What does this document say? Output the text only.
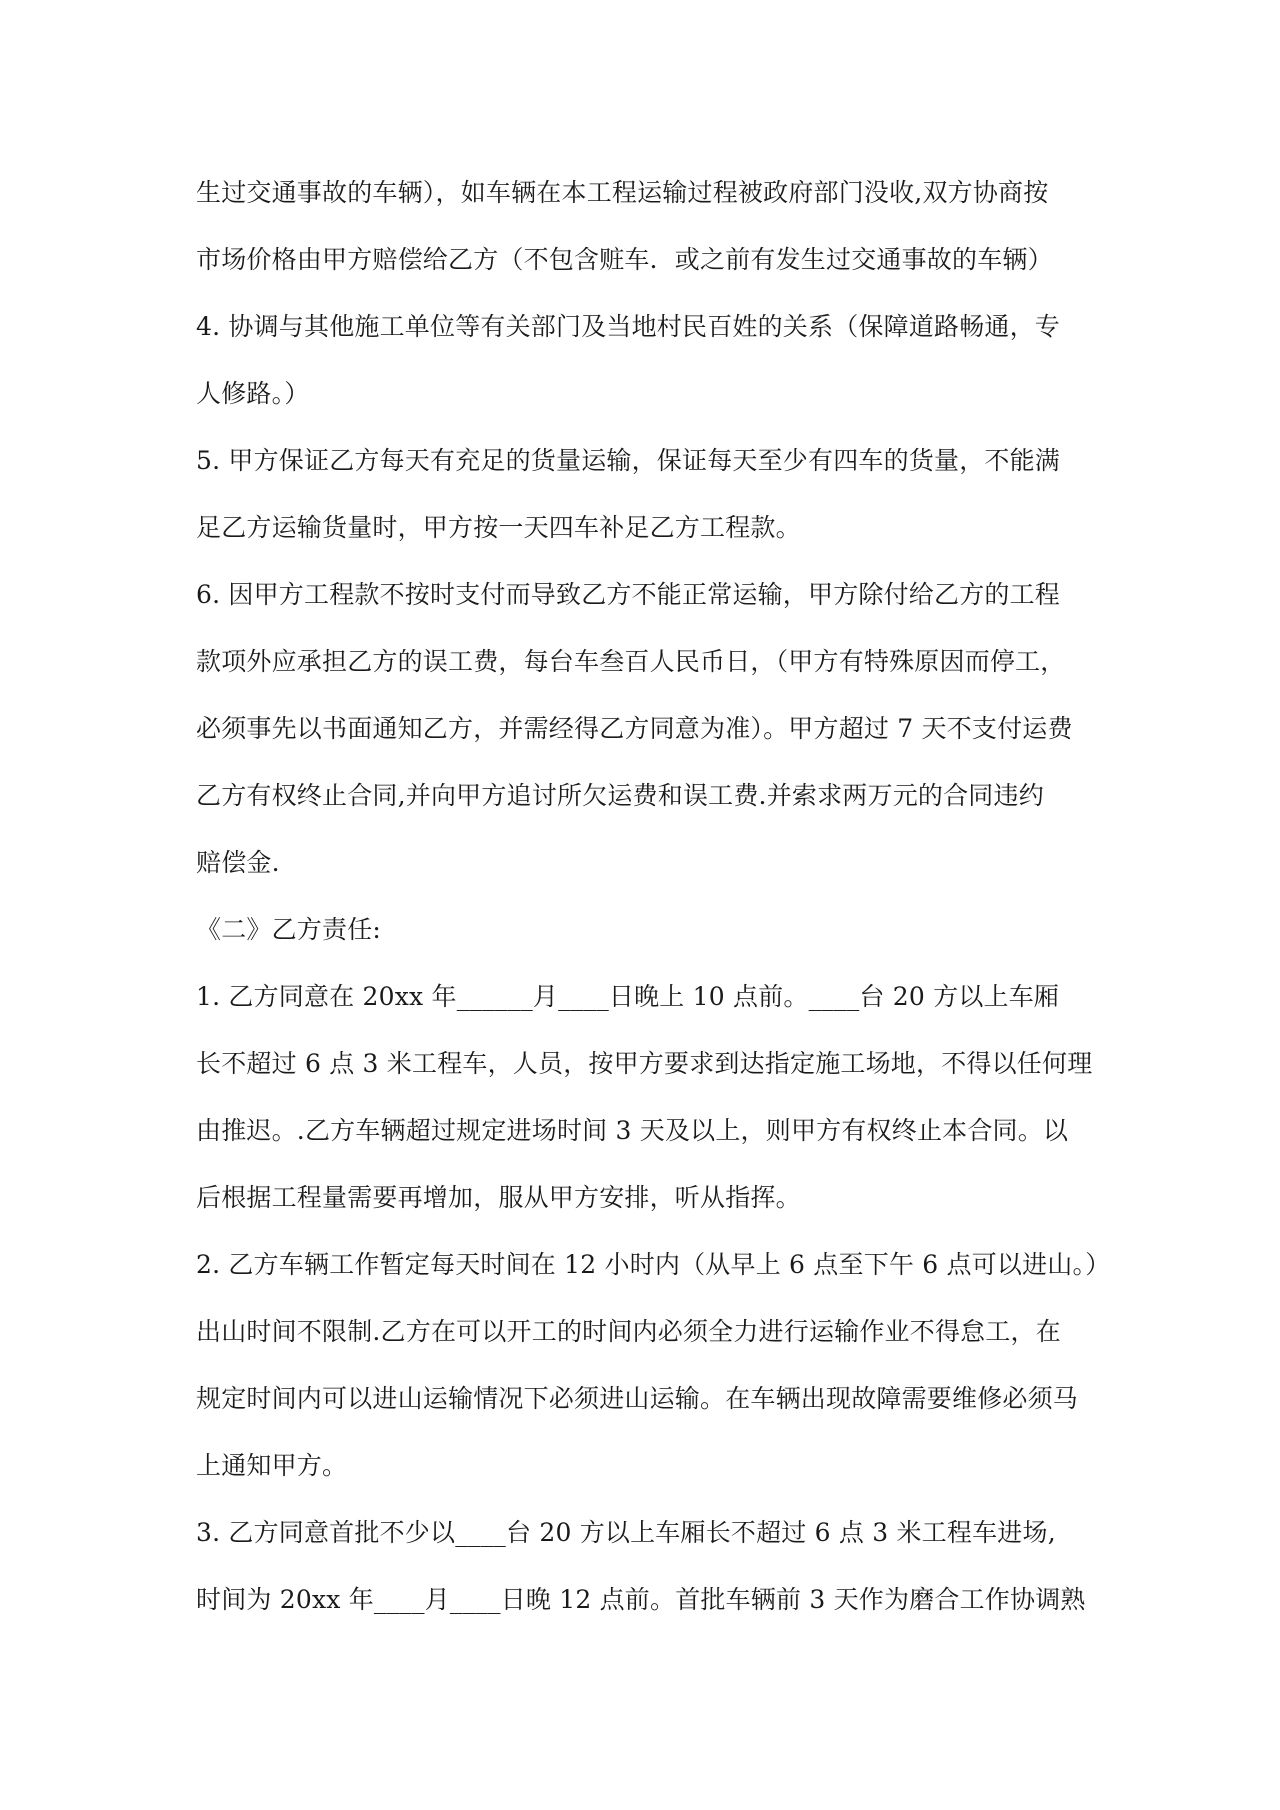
生过交通事故的车辆），如车辆在本工程运输过程被政府部门没收,双方协商按
市场价格由甲方赔偿给乙方（不包含赃车．或之前有发生过交通事故的车辆）
4. 协调与其他施工单位等有关部门及当地村民百姓的关系（保障道路畅通，专
人修路。）
5. 甲方保证乙方每天有充足的货量运输，保证每天至少有四车的货量，不能满
足乙方运输货量时，甲方按一天四车补足乙方工程款。
6. 因甲方工程款不按时支付而导致乙方不能正常运输，甲方除付给乙方的工程
款项外应承担乙方的误工费，每台车叁百人民币日，（甲方有特殊原因而停工，
必须事先以书面通知乙方，并需经得乙方同意为准）。甲方超过 7 天不支付运费
乙方有权终止合同,并向甲方追讨所欠运费和误工费.并索求两万元的合同违约
赔偿金.
《二》乙方责任:
1. 乙方同意在 20xx 年______月____日晚上 10 点前。____台 20 方以上车厢
长不超过 6 点 3 米工程车，人员，按甲方要求到达指定施工场地，不得以任何理
由推迟。.乙方车辆超过规定进场时间 3 天及以上，则甲方有权终止本合同。以
后根据工程量需要再增加，服从甲方安排，听从指挥。
2. 乙方车辆工作暂定每天时间在 12 小时内（从早上 6 点至下午 6 点可以进山。）
出山时间不限制.乙方在可以开工的时间内必须全力进行运输作业不得怠工，在
规定时间内可以进山运输情况下必须进山运输。在车辆出现故障需要维修必须马
上通知甲方。
3. 乙方同意首批不少以____台 20 方以上车厢长不超过 6 点 3 米工程车进场,
时间为 20xx 年____月____日晚 12 点前。首批车辆前 3 天作为磨合工作协调熟
